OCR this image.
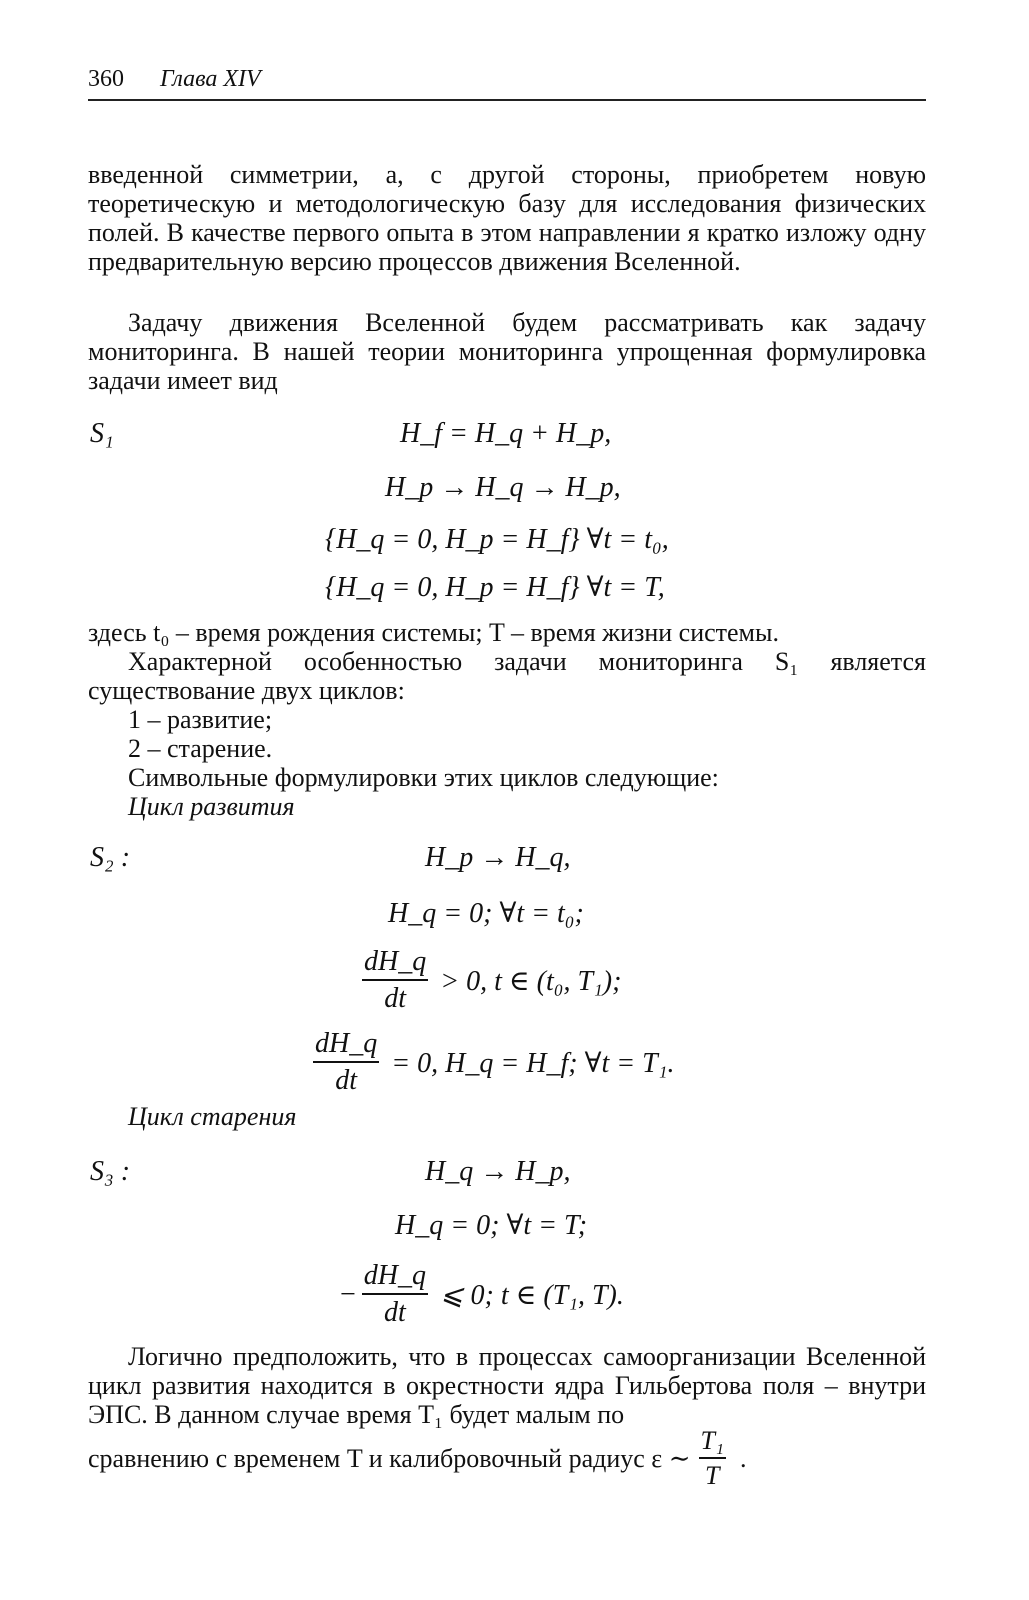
360 Глава XIV

введенной симметрии, а, с другой стороны, приобретем новую теоретическую и методологическую базу для исследования физических полей. В качестве первого опыта в этом направлении я кратко изложу одну предварительную версию процессов движения Вселенной.

Задачу движения Вселенной будем рассматривать как задачу мониторинга. В нашей теории мониторинга упрощенная формулировка задачи имеет вид

S₁	H_f = H_q + H_p,
H_p → H_q → H_p,
{H_q = 0, H_p = H_f} ∀t = t₀,
{H_q = 0, H_p = H_f} ∀t = T,
здесь t₀ – время рождения системы; T – время жизни системы.

Характерной особенностью задачи мониторинга S₁ является существование двух циклов:

1 – развитие;
2 – старение.
Символьные формулировки этих циклов следующие:
Цикл развития
S₂ :	H_p → H_q,
H_q = 0; ∀t = t₀;
$\frac{dH\_q}{dt} > 0$, t ∈ (t₀, T₁);
$\frac{dH\_q}{dt} = 0$, H_q = H_f; ∀t = T₁.
Цикл старения
S₃ :	H_q → H_p,
H_q = 0; ∀t = T;
− $\frac{dH\_q}{dt}$ ⩽ 0; t ∈ (T₁, T).

Логично предположить, что в процессах самоорганизации Вселенной цикл развития находится в окрестности ядра Гильбертова поля – внутри ЭПС. В данном случае время T₁ будет малым по

сравнению с временем T и калибровочный радиус ε ∼ $\frac{\text{T₁}}{T}$ .
